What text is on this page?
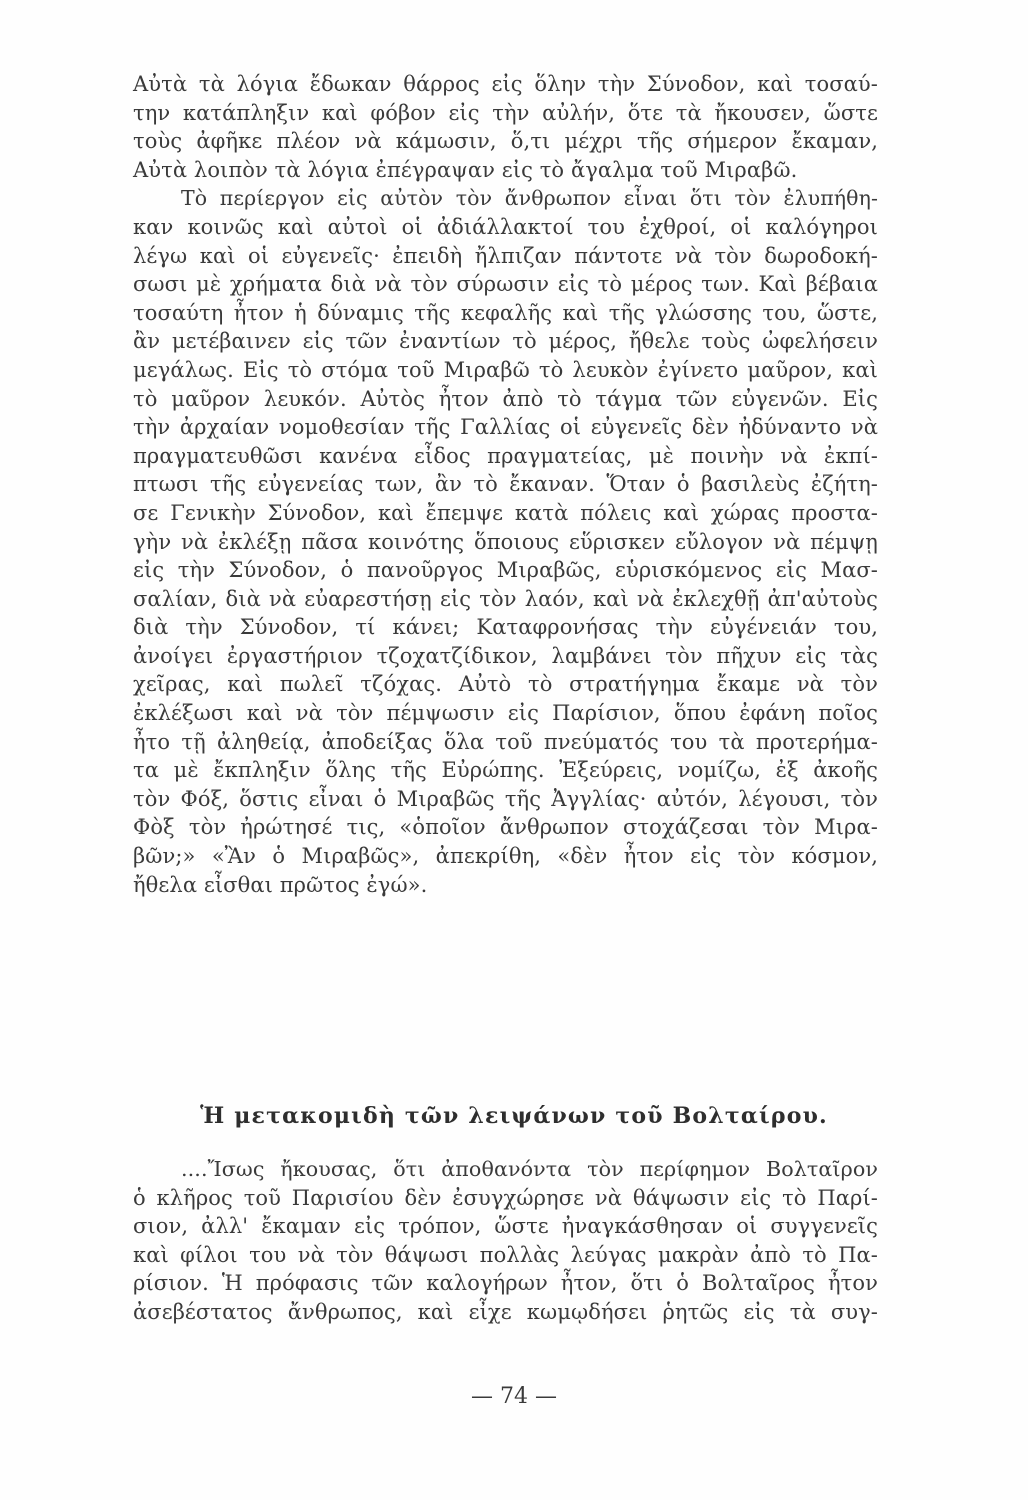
Αὐτὰ τὰ λόγια ἔδωκαν θάρρος εἰς ὅλην τὴν Σύνοδον, καὶ τοσαύ-
την κατάπληξιν καὶ φόβον εἰς τὴν αὐλήν, ὅτε τὰ ἤκουσεν, ὥστε
τοὺς ἀφῆκε πλέον νὰ κάμωσιν, ὅ,τι μέχρι τῆς σήμερον ἔκαμαν,
Αὐτὰ λοιπὸν τὰ λόγια ἐπέγραψαν εἰς τὸ ἄγαλμα τοῦ Μιραβῶ.
Τὸ περίεργον εἰς αὐτὸν τὸν ἄνθρωπον εἶναι ὅτι τὸν ἐλυπήθη-
καν κοινῶς καὶ αὐτοὶ οἱ ἀδιάλλακτοί του ἐχθροί, οἱ καλόγηροι
λέγω καὶ οἱ εὐγενεῖς· ἐπειδὴ ἤλπιζαν πάντοτε νὰ τὸν δωροδοκή-
σωσι μὲ χρήματα διὰ νὰ τὸν σύρωσιν εἰς τὸ μέρος των. Καὶ βέβαια
τοσαύτη ἦτον ἡ δύναμις τῆς κεφαλῆς καὶ τῆς γλώσσης του, ὥστε,
ἂν μετέβαινεν εἰς τῶν ἐναντίων τὸ μέρος, ἤθελε τοὺς ὠφελήσειν
μεγάλως. Εἰς τὸ στόμα τοῦ Μιραβῶ τὸ λευκὸν ἐγίνετο μαῦρον, καὶ
τὸ μαῦρον λευκόν. Αὐτὸς ἦτον ἀπὸ τὸ τάγμα τῶν εὐγενῶν. Εἰς
τὴν ἀρχαίαν νομοθεσίαν τῆς Γαλλίας οἱ εὐγενεῖς δὲν ἠδύναντο νὰ
πραγματευθῶσι κανένα εἶδος πραγματείας, μὲ ποινὴν νὰ ἐκπί-
πτωσι τῆς εὐγενείας των, ἂν τὸ ἔκαναν. Ὅταν ὁ βασιλεὺς ἐζήτη-
σε Γενικὴν Σύνοδον, καὶ ἔπεμψε κατὰ πόλεις καὶ χώρας προστα-
γὴν νὰ ἐκλέξῃ πᾶσα κοινότης ὅποιους εὕρισκεν εὔλογον νὰ πέμψῃ
εἰς τὴν Σύνοδον, ὁ πανοῦργος Μιραβῶς, εὑρισκόμενος εἰς Μασ-
σαλίαν, διὰ νὰ εὐαρεστήσῃ εἰς τὸν λαόν, καὶ νὰ ἐκλεχθῇ ἀπ'αὐτοὺς
διὰ τὴν Σύνοδον, τί κάνει; Καταφρονήσας τὴν εὐγένειάν του,
ἀνοίγει ἐργαστήριον τζοχατζίδικον, λαμβάνει τὸν πῆχυν εἰς τὰς
χεῖρας, καὶ πωλεῖ τζόχας. Αὐτὸ τὸ στρατήγημα ἔκαμε νὰ τὸν
ἐκλέξωσι καὶ νὰ τὸν πέμψωσιν εἰς Παρίσιον, ὅπου ἐφάνη ποῖος
ἦτο τῇ ἀληθείᾳ, ἀποδείξας ὅλα τοῦ πνεύματός του τὰ προτερήμα-
τα μὲ ἔκπληξιν ὅλης τῆς Εὐρώπης. Ἐξεύρεις, νομίζω, ἐξ ἀκοῆς
τὸν Φόξ, ὅστις εἶναι ὁ Μιραβῶς τῆς Ἀγγλίας· αὐτόν, λέγουσι, τὸν
Φὸξ τὸν ἠρώτησέ τις, «ὁποῖον ἄνθρωπον στοχάζεσαι τὸν Μιρα-
βῶν;» «Ἂν ὁ Μιραβῶς», ἀπεκρίθη, «δὲν ἦτον εἰς τὸν κόσμον,
ἤθελα εἶσθαι πρῶτος ἐγώ».
Ἡ μετακομιδὴ τῶν λειψάνων τοῦ Βολταίρου.
....Ἴσως ἤκουσας, ὅτι ἀποθανόντα τὸν περίφημον Βολταῖρον
ὁ κλῆρος τοῦ Παρισίου δὲν ἐσυγχώρησε νὰ θάψωσιν εἰς τὸ Παρί-
σιον, ἀλλ' ἔκαμαν εἰς τρόπον, ὥστε ἠναγκάσθησαν οἱ συγγενεῖς
καὶ φίλοι του νὰ τὸν θάψωσι πολλὰς λεύγας μακρὰν ἀπὸ τὸ Πα-
ρίσιον. Ἡ πρόφασις τῶν καλογήρων ἦτον, ὅτι ὁ Βολταῖρος ἦτον
ἀσεβέστατος ἄνθρωπος, καὶ εἶχε κωμῳδήσει ῥητῶς εἰς τὰ συγ-
— 74 —
